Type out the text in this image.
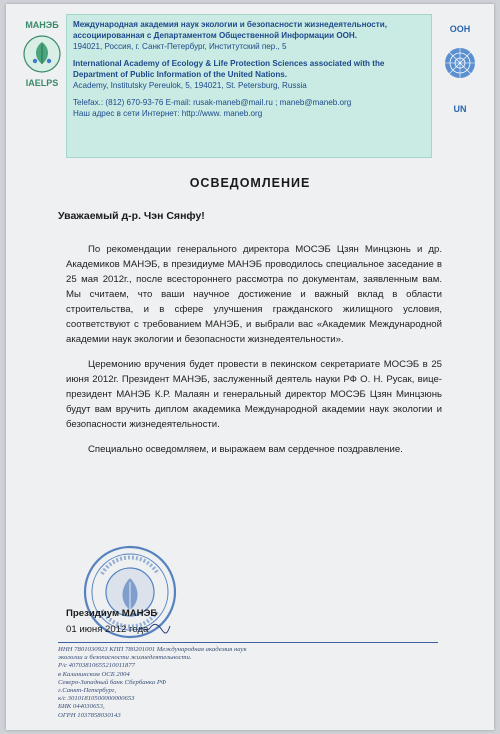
МАНЭБ
IAELPS
Международная академия наук экологии и безопасности жизнедеятельности,
ассоциированная с Департаментом Общественной Информации ООН.
194021, Россия, г. Санкт-Петербург, Институтский пер., 5
International Academy of Ecology & Life Protection Sciences associated with the
Department of Public Information of the United Nations.
Academy, Institutsky Pereulok, 5, 194021, St. Petersburg, Russia
Telefax.: (812) 670-93-76 E-mail: rusak-maneb@mail.ru ; maneb@maneb.org
Наш адрес в сети Интернет: http://www. maneb.org
ООН
UN
ОСВЕДОМЛЕНИЕ
Уважаемый д-р. Чэн Сянфу!

По рекомендации генерального директора МОСЭБ Цзян Минцзюнь и др. Академиков МАНЭБ, в президиуме МАНЭБ проводилось специальное заседание в 25 мая 2012г., после всестороннего рассмотра по документам, заявленным вам. Мы считаем, что ваши научное достижение и важный вклад в области строительства, и в сфере улучшения гражданского жилищного условия, соответствуют с требованием МАНЭБ, и выбрали вас «Академик Международной академии наук экологии и безопасности жизнедеятельности».

Церемонию вручения будет провести в пекинском секретариате МОСЭБ в 25 июня 2012г. Президент МАНЭБ, заслуженный деятель науки РФ О. Н. Русак, вице-президент МАНЭБ К.Р. Малаян и генеральный директор МОСЭБ Цзян Минцзюнь будут вам вручить диплом академика Международной академии наук экологии и безопасности жизнедеятельности.

Специально осведомляем, и выражаем вам сердечное поздравление.

Президиум МАНЭБ
01 июня 2012 года
ИНН 7801030923 КПП 780201001 Международная академия наук
экологии и безопасности жизнедеятельности.
Р/с 40703810655210011877
в Калининском ОСБ 2004
Северо-Западный банк Сбербанка РФ
г.Санкт-Петербург,
к/с 30101810500000000653
БИК 044030653,
ОГРН 1037858030143
